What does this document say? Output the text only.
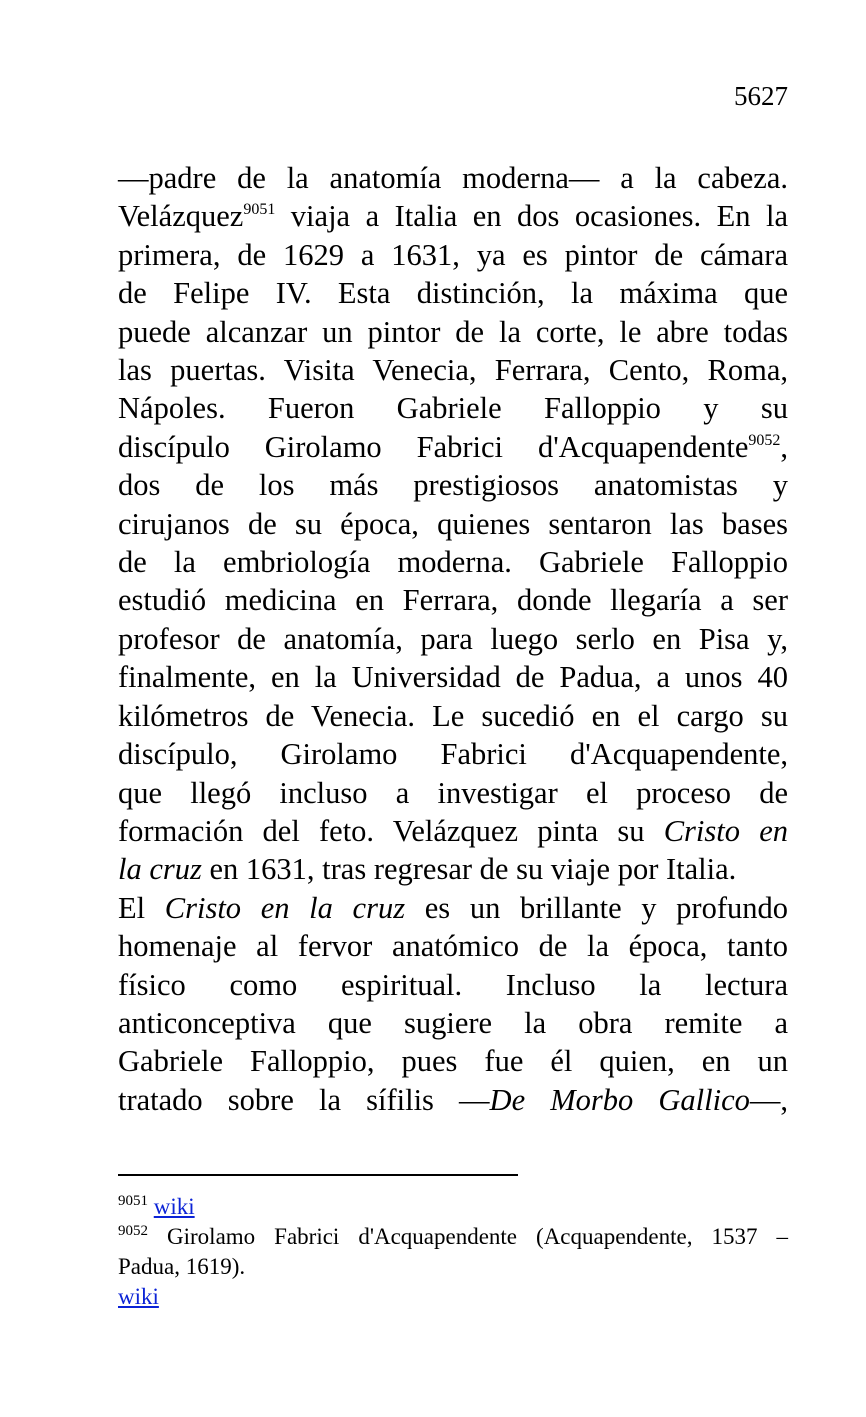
5627
—padre de la anatomía moderna— a la cabeza.
Velázquez$^{9051}$ viaja a Italia en dos ocasiones. En la
primera, de 1629 a 1631, ya es pintor de cámara
de Felipe IV. Esta distinción, la máxima que
puede alcanzar un pintor de la corte, le abre todas
las puertas. Visita Venecia, Ferrara, Cento, Roma,
Nápoles. Fueron Gabriele Falloppio y su
discípulo Girolamo Fabrici d'Acquapendente$^{9052}$,
dos de los más prestigiosos anatomistas y
cirujanos de su época, quienes sentaron las bases
de la embriología moderna. Gabriele Falloppio
estudió medicina en Ferrara, donde llegaría a ser
profesor de anatomía, para luego serlo en Pisa y,
finalmente, en la Universidad de Padua, a unos 40
kilómetros de Venecia. Le sucedió en el cargo su
discípulo, Girolamo Fabrici d'Acquapendente,
que llegó incluso a investigar el proceso de
formación del feto. Velázquez pinta su Cristo en
la cruz en 1631, tras regresar de su viaje por Italia.
El Cristo en la cruz es un brillante y profundo
homenaje al fervor anatómico de la época, tanto
físico como espiritual. Incluso la lectura
anticonceptiva que sugiere la obra remite a
Gabriele Falloppio, pues fue él quien, en un
tratado sobre la sífilis —De Morbo Gallico—,
$^{9051}$ wiki
$^{9052}$ Girolamo Fabrici d'Acquapendente (Acquapendente, 1537 –
Padua, 1619).
wiki
